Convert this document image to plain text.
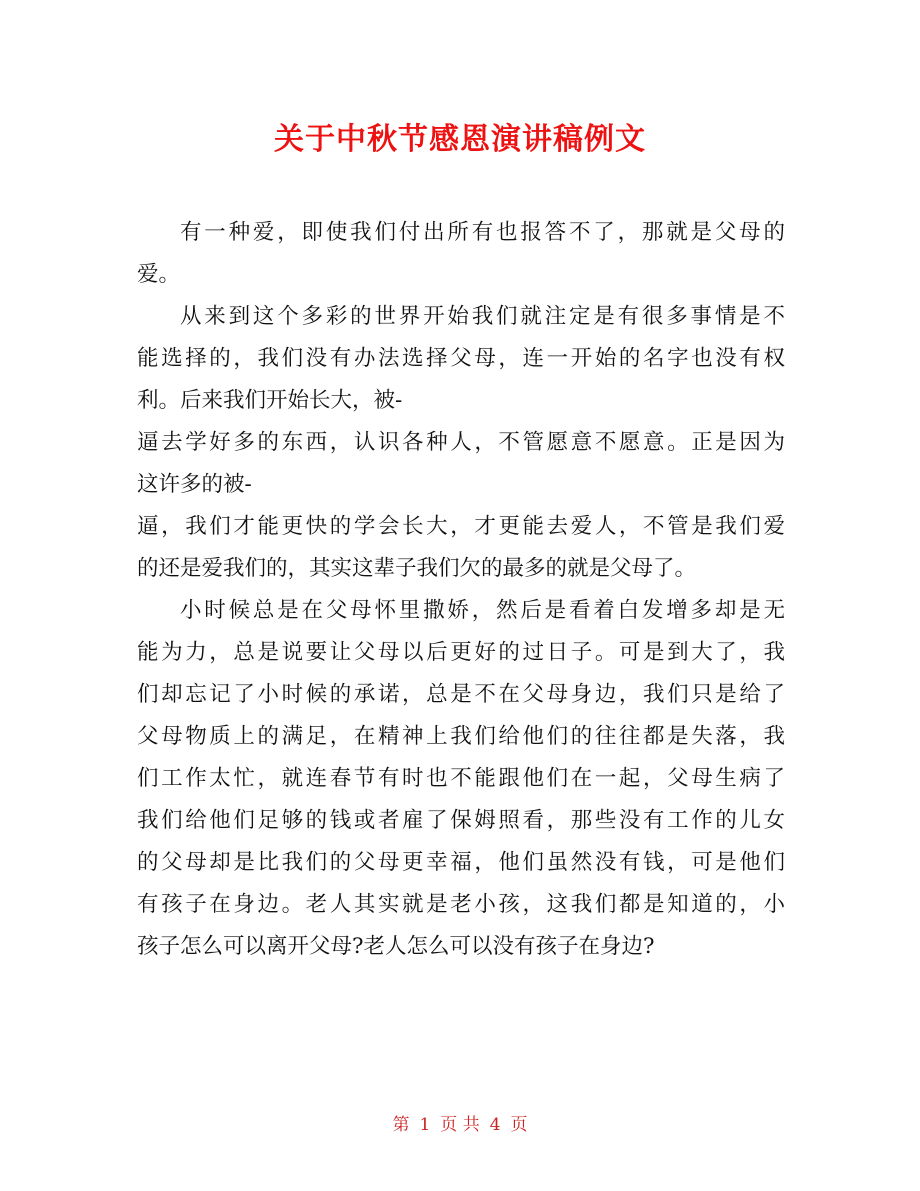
关于中秋节感恩演讲稿例文

有一种爱，即使我们付出所有也报答不了，那就是父母的

爱。

从来到这个多彩的世界开始我们就注定是有很多事情是不

能选择的，我们没有办法选择父母，连一开始的名字也没有权

利。后来我们开始长大，被-

逼去学好多的东西，认识各种人，不管愿意不愿意。正是因为

这许多的被-

逼，我们才能更快的学会长大，才更能去爱人，不管是我们爱

的还是爱我们的，其实这辈子我们欠的最多的就是父母了。

小时候总是在父母怀里撒娇，然后是看着白发增多却是无

能为力，总是说要让父母以后更好的过日子。可是到大了，我

们却忘记了小时候的承诺，总是不在父母身边，我们只是给了

父母物质上的满足，在精神上我们给他们的往往都是失落，我

们工作太忙，就连春节有时也不能跟他们在一起，父母生病了

我们给他们足够的钱或者雇了保姆照看，那些没有工作的儿女

的父母却是比我们的父母更幸福，他们虽然没有钱，可是他们

有孩子在身边。老人其实就是老小孩，这我们都是知道的，小

孩子怎么可以离开父母?老人怎么可以没有孩子在身边?

第 1 页 共 4 页
